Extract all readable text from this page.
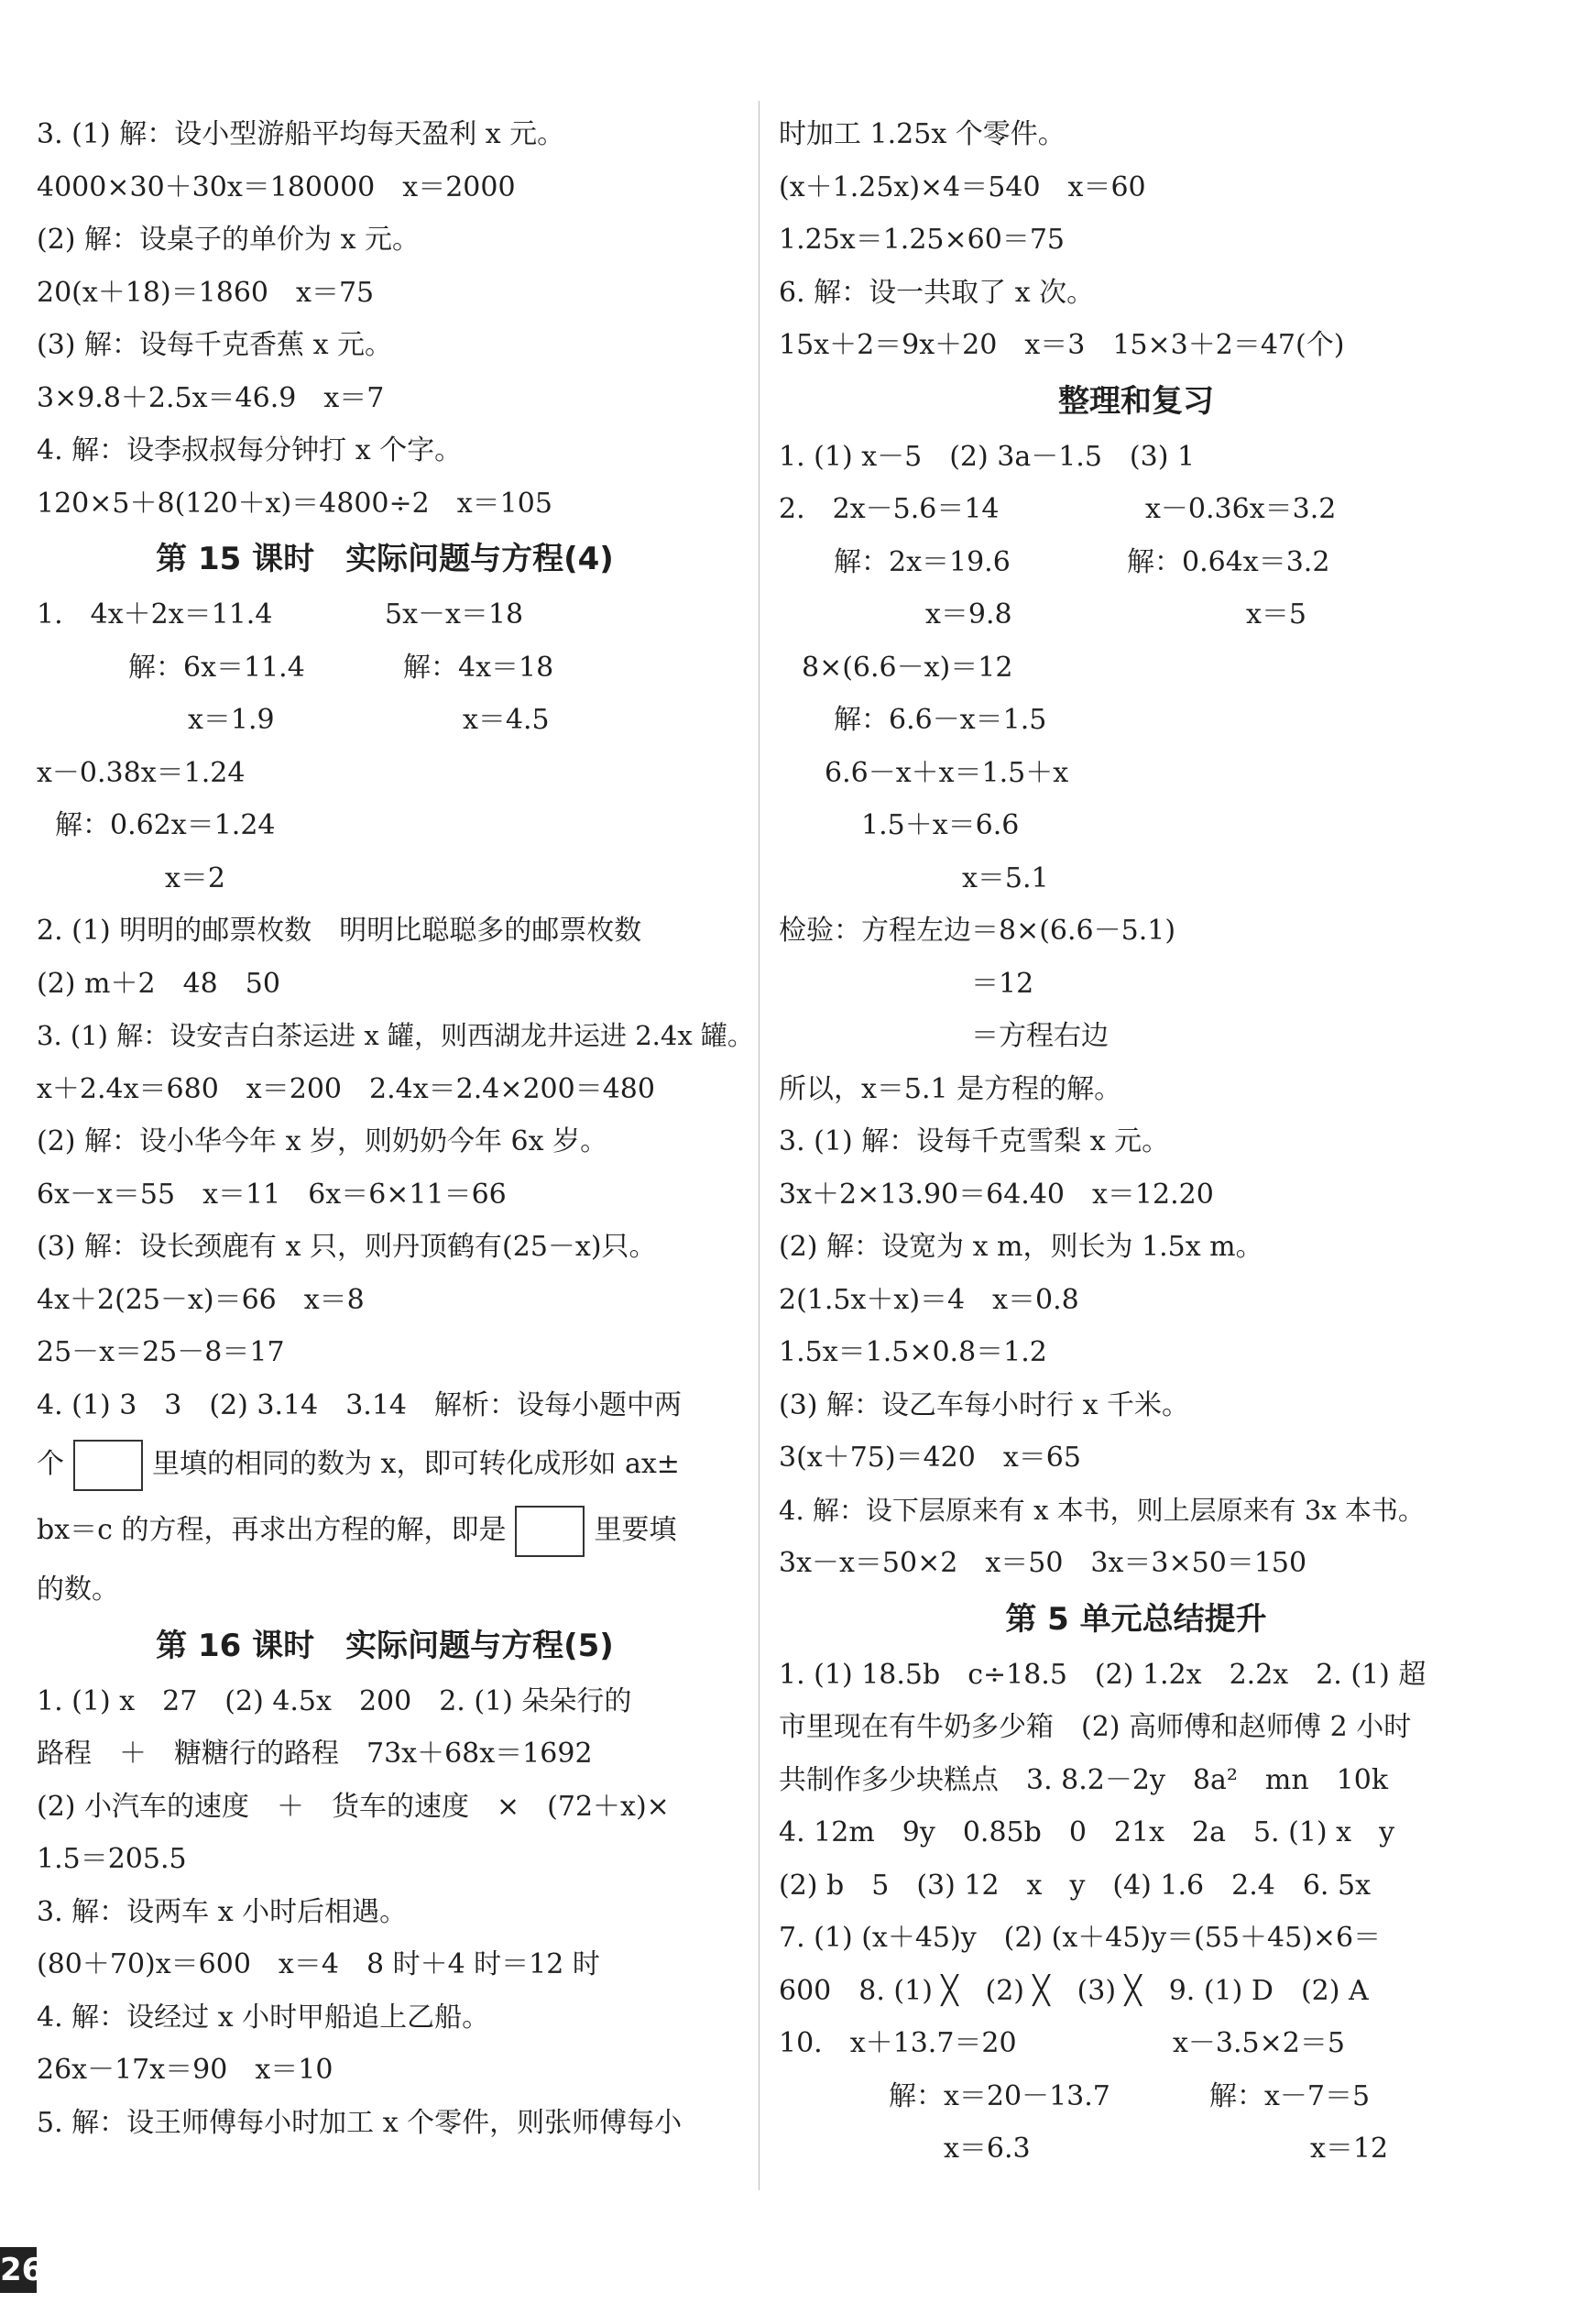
3. (1) 解：设小型游船平均每天盈利 x 元。
4000×30＋30x＝180000　x＝2000
(2) 解：设桌子的单价为 x 元。
20(x＋18)＝1860　x＝75
(3) 解：设每千克香蕉 x 元。
3×9.8＋2.5x＝46.9　x＝7
4. 解：设李叔叔每分钟打 x 个字。
120×5＋8(120＋x)＝4800÷2　x＝105
第 15 课时　实际问题与方程(4)
1.　4x＋2x＝11.4	5x－x＝18
解：6x＝11.4	解：4x＝18
x＝1.9	x＝4.5
x－0.38x＝1.24
解：0.62x＝1.24
x＝2
2. (1) 明明的邮票枚数　明明比聪聪多的邮票枚数
(2) m＋2　48　50
3. (1) 解：设安吉白茶运进 x 罐，则西湖龙井运进 2.4x 罐。
x＋2.4x＝680　x＝200　2.4x＝2.4×200＝480
(2) 解：设小华今年 x 岁，则奶奶今年 6x 岁。
6x－x＝55　x＝11　6x＝6×11＝66
(3) 解：设长颈鹿有 x 只，则丹顶鹤有(25－x)只。
4x＋2(25－x)＝66　x＝8
25－x＝25－8＝17
4. (1) 3　3　(2) 3.14　3.14　解析：设每小题中两
个	里填的相同的数为 x，即可转化成形如 ax±
bx＝c 的方程，再求出方程的解，即是	里要填
的数。
第 16 课时　实际问题与方程(5)
1. (1) x　27　(2) 4.5x　200　2. (1) 朵朵行的
路程　＋　糖糖行的路程　73x＋68x＝1692
(2) 小汽车的速度　＋　货车的速度　×　(72＋x)×
1.5＝205.5
3. 解：设两车 x 小时后相遇。
(80＋70)x＝600　x＝4　8 时＋4 时＝12 时
4. 解：设经过 x 小时甲船追上乙船。
26x－17x＝90　x＝10
5. 解：设王师傅每小时加工 x 个零件，则张师傅每小
时加工 1.25x 个零件。
(x＋1.25x)×4＝540　x＝60
1.25x＝1.25×60＝75
6. 解：设一共取了 x 次。
15x＋2＝9x＋20　x＝3　15×3＋2＝47(个)
整理和复习
1. (1) x－5　(2) 3a－1.5　(3) 1
2.　2x－5.6＝14	x－0.36x＝3.2
解：2x＝19.6	解：0.64x＝3.2
x＝9.8	x＝5
8×(6.6－x)＝12
解：6.6－x＝1.5
6.6－x＋x＝1.5＋x
1.5＋x＝6.6
x＝5.1
检验：方程左边＝8×(6.6－5.1)
＝12
＝方程右边
所以，x＝5.1 是方程的解。
3. (1) 解：设每千克雪梨 x 元。
3x＋2×13.90＝64.40　x＝12.20
(2) 解：设宽为 x m，则长为 1.5x m。
2(1.5x＋x)＝4　x＝0.8
1.5x＝1.5×0.8＝1.2
(3) 解：设乙车每小时行 x 千米。
3(x＋75)＝420　x＝65
4. 解：设下层原来有 x 本书，则上层原来有 3x 本书。
3x－x＝50×2　x＝50　3x＝3×50＝150
第 5 单元总结提升
1. (1) 18.5b　c÷18.5　(2) 1.2x　2.2x　2. (1) 超
市里现在有牛奶多少箱　(2) 高师傅和赵师傅 2 小时
共制作多少块糕点　3. 8.2－2y　8a²　mn　10k
4. 12m　9y　0.85b　0　21x　2a　5. (1) x　y
(2) b　5　(3) 12　x　y　(4) 1.6　2.4　6. 5x
7. (1) (x＋45)y　(2) (x＋45)y＝(55＋45)×6＝
600　8. (1) ╳　(2) ╳　(3) ╳　9. (1) D　(2) A
10.　x＋13.7＝20	x－3.5×2＝5
解：x＝20－13.7	解：x－7＝5
x＝6.3	x＝12
26
